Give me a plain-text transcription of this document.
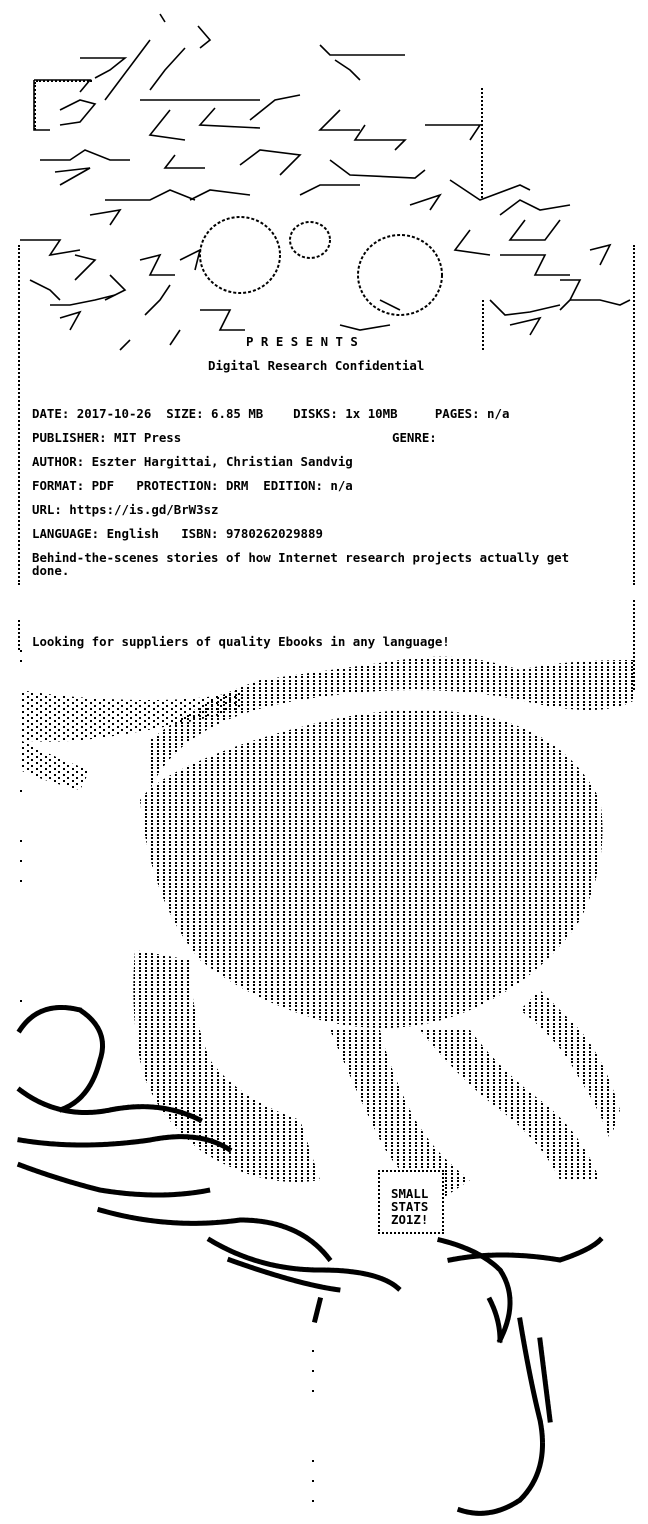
P R E S E N T S
Digital Research Confidential
DATE: 2017-10-26  SIZE: 6.85 MB    DISKS: 1x 10MB     PAGES: n/a
PUBLISHER: MIT Press	GENRE:
AUTHOR: Eszter Hargittai, Christian Sandvig
FORMAT: PDF   PROTECTION: DRM  EDITION: n/a
URL: https://is.gd/BrW3sz
LANGUAGE: English   ISBN: 9780262029889
Behind-the-scenes stories of how Internet research projects actually get
done.
Looking for suppliers of quality Ebooks in any language!
SMALL
STATS
ZO1Z!
